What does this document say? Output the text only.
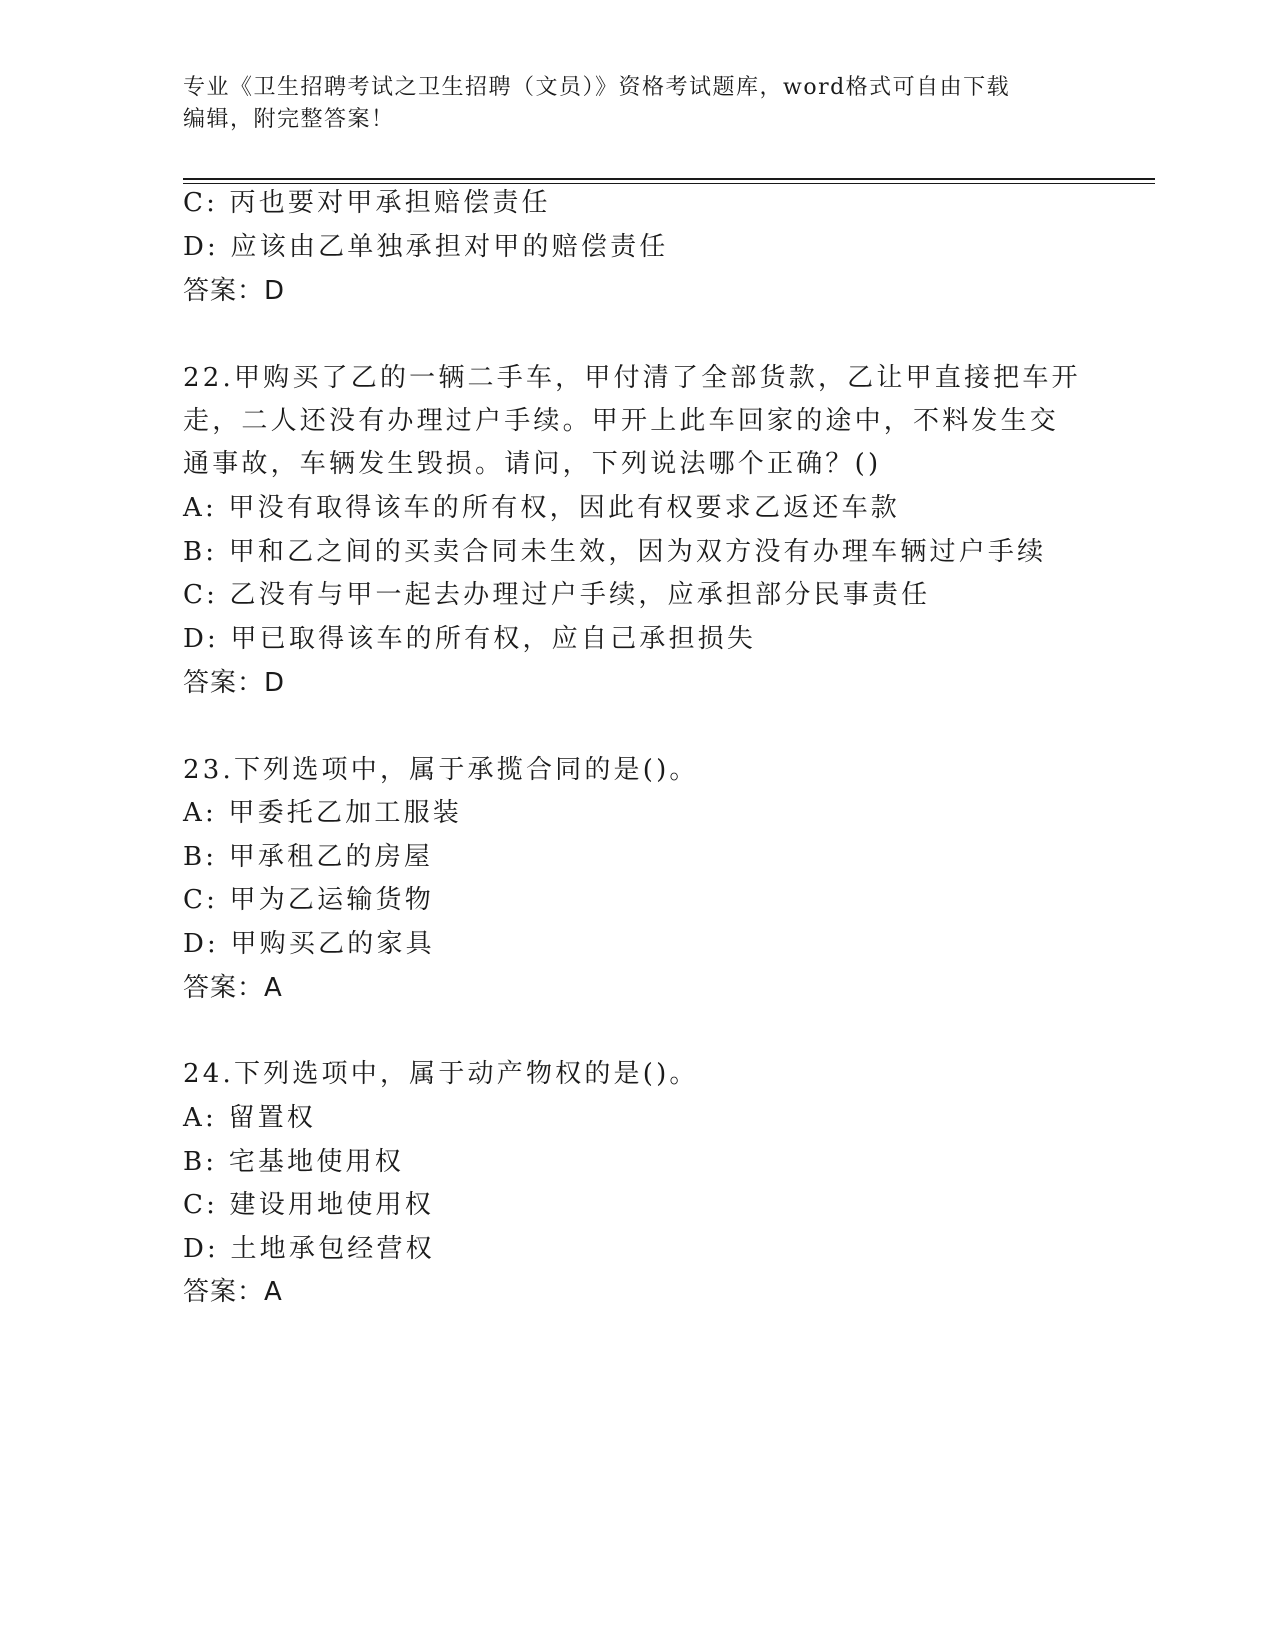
专业《卫生招聘考试之卫生招聘（文员）》资格考试题库，word格式可自由下载
编辑，附完整答案！
C: 丙也要对甲承担赔偿责任
D: 应该由乙单独承担对甲的赔偿责任
答案：D
22.甲购买了乙的一辆二手车，甲付清了全部货款，乙让甲直接把车开
走，二人还没有办理过户手续。甲开上此车回家的途中，不料发生交
通事故，车辆发生毁损。请问，下列说法哪个正确？()
A: 甲没有取得该车的所有权，因此有权要求乙返还车款
B: 甲和乙之间的买卖合同未生效，因为双方没有办理车辆过户手续
C: 乙没有与甲一起去办理过户手续，应承担部分民事责任
D: 甲已取得该车的所有权，应自己承担损失
答案：D
23.下列选项中，属于承揽合同的是()。
A: 甲委托乙加工服装
B: 甲承租乙的房屋
C: 甲为乙运输货物
D: 甲购买乙的家具
答案：A
24.下列选项中，属于动产物权的是()。
A: 留置权
B: 宅基地使用权
C: 建设用地使用权
D: 土地承包经营权
答案：A
